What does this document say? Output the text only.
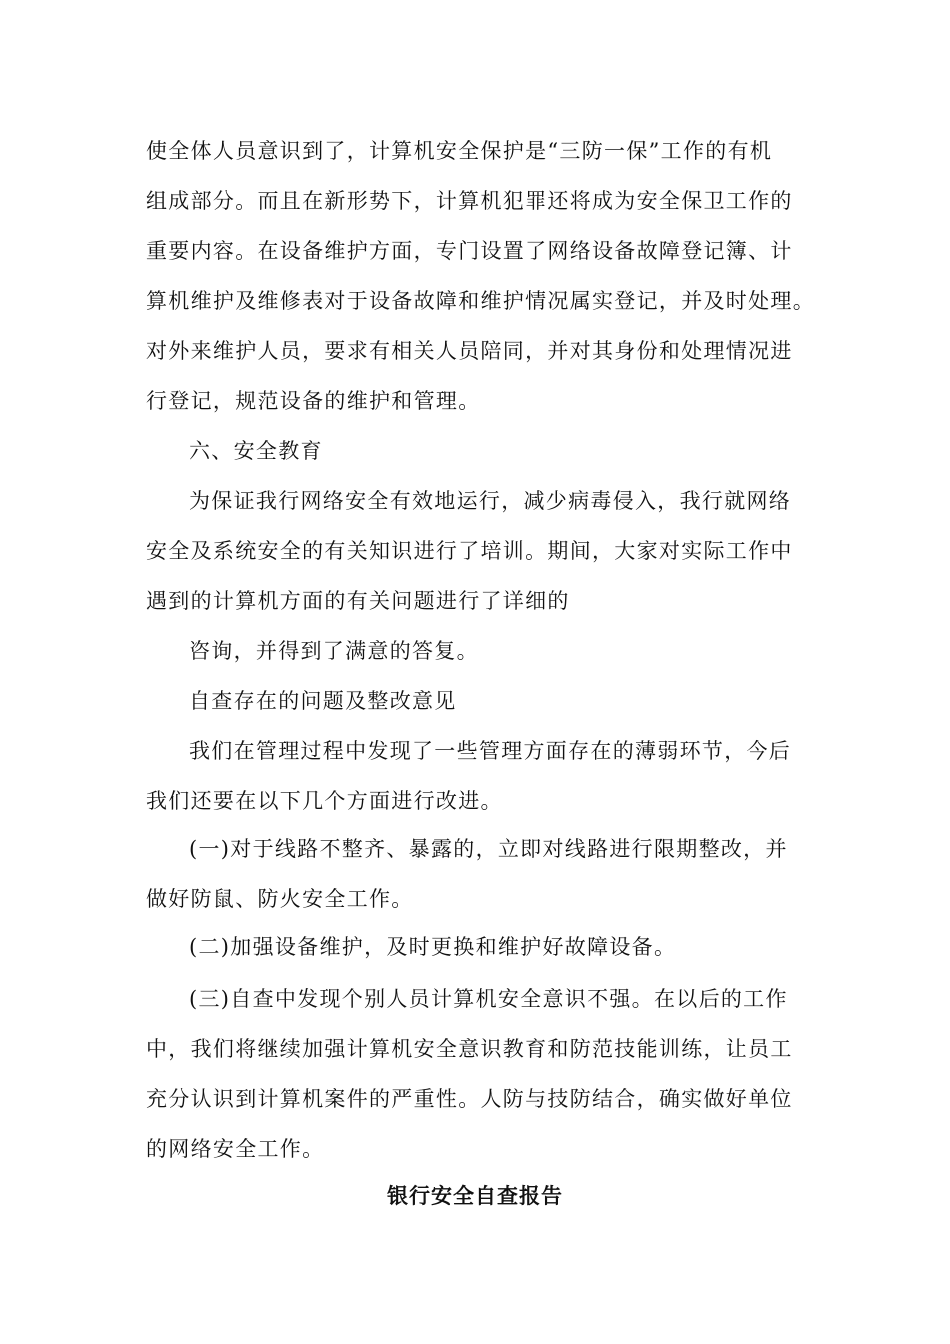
使全体人员意识到了，计算机安全保护是“三防一保”工作的有机
组成部分。而且在新形势下，计算机犯罪还将成为安全保卫工作的
重要内容。在设备维护方面，专门设置了网络设备故障登记簿、计
算机维护及维修表对于设备故障和维护情况属实登记，并及时处理。
对外来维护人员，要求有相关人员陪同，并对其身份和处理情况进
行登记，规范设备的维护和管理。
六、安全教育
为保证我行网络安全有效地运行，减少病毒侵入，我行就网络
安全及系统安全的有关知识进行了培训。期间，大家对实际工作中
遇到的计算机方面的有关问题进行了详细的
咨询，并得到了满意的答复。
自查存在的问题及整改意见
我们在管理过程中发现了一些管理方面存在的薄弱环节，今后
我们还要在以下几个方面进行改进。
(一)对于线路不整齐、暴露的，立即对线路进行限期整改，并
做好防鼠、防火安全工作。
(二)加强设备维护，及时更换和维护好故障设备。
(三)自查中发现个别人员计算机安全意识不强。在以后的工作
中，我们将继续加强计算机安全意识教育和防范技能训练，让员工
充分认识到计算机案件的严重性。人防与技防结合，确实做好单位
的网络安全工作。
银行安全自查报告
